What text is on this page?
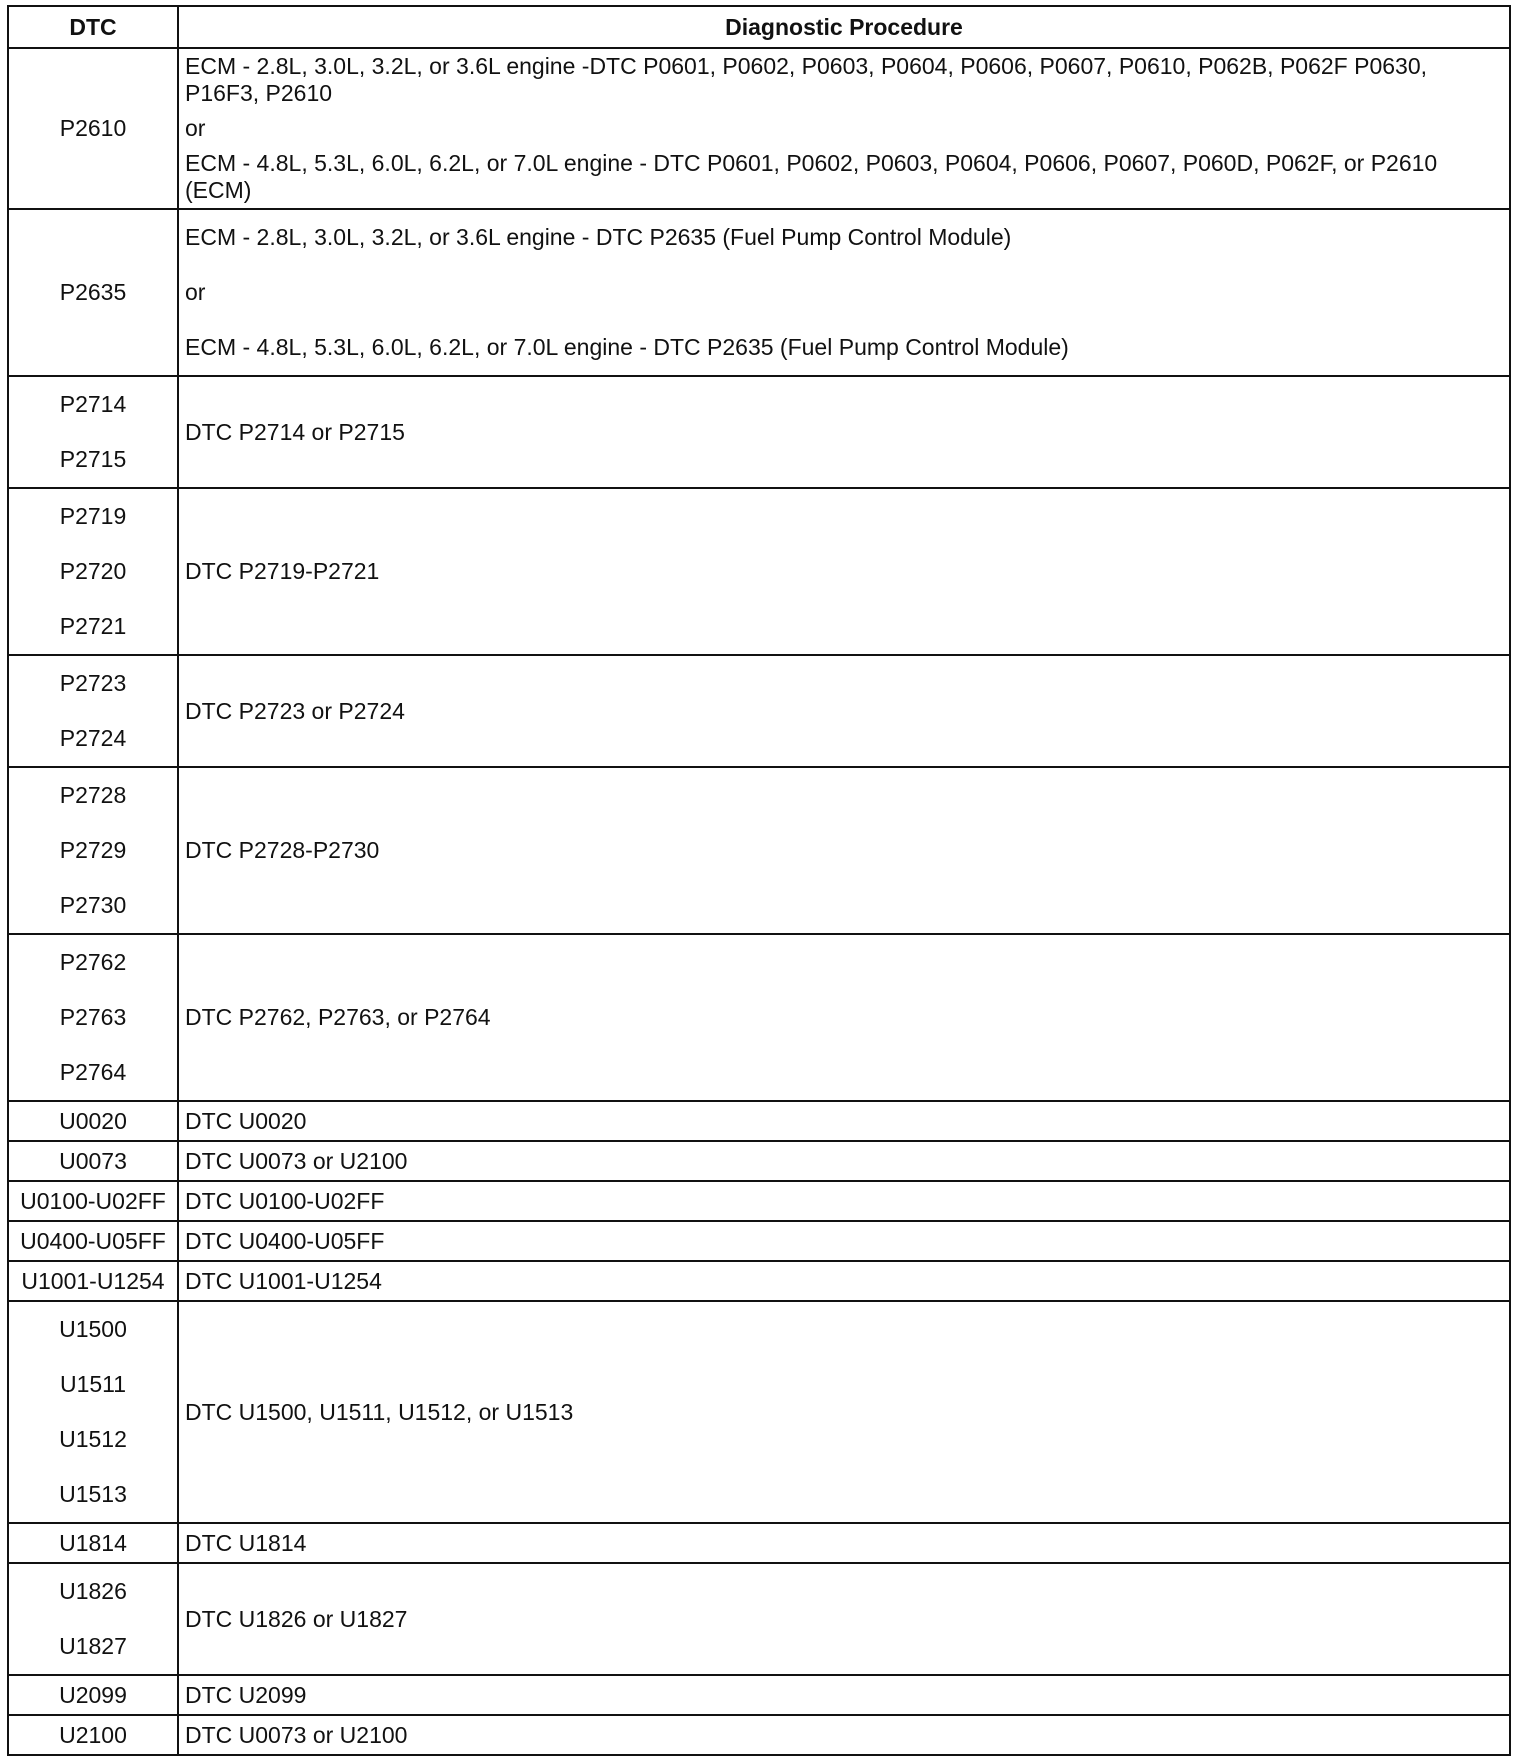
DTC	Diagnostic Procedure

P2610	ECM - 2.8L, 3.0L, 3.2L, or 3.6L engine -DTC P0601, P0602, P0603, P0604, P0606, P0607, P0610, P062B, P062F P0630, P16F3, P2610
or
ECM - 4.8L, 5.3L, 6.0L, 6.2L, or 7.0L engine - DTC P0601, P0602, P0603, P0604, P0606, P0607, P060D, P062F, or P2610 (ECM)

P2635	ECM - 2.8L, 3.0L, 3.2L, or 3.6L engine - DTC P2635 (Fuel Pump Control Module)
or
ECM - 4.8L, 5.3L, 6.0L, 6.2L, or 7.0L engine - DTC P2635 (Fuel Pump Control Module)

P2714
P2715	DTC P2714 or P2715

P2719
P2720
P2721	DTC P2719-P2721

P2723
P2724	DTC P2723 or P2724

P2728
P2729
P2730	DTC P2728-P2730

P2762
P2763
P2764	DTC P2762, P2763, or P2764

U0020	DTC U0020

U0073	DTC U0073 or U2100

U0100-U02FF	DTC U0100-U02FF

U0400-U05FF	DTC U0400-U05FF

U1001-U1254	DTC U1001-U1254

U1500
U1511
U1512
U1513	DTC U1500, U1511, U1512, or U1513

U1814	DTC U1814

U1826
U1827	DTC U1826 or U1827

U2099	DTC U2099

U2100	DTC U0073 or U2100
